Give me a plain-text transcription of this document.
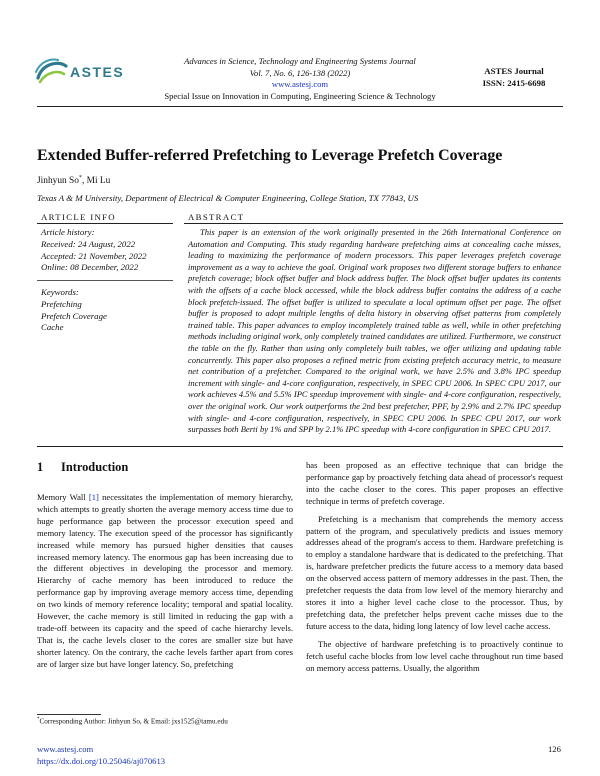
ASTES
Advances in Science, Technology and Engineering Systems Journal
Vol. 7, No. 6, 126-138 (2022)
www.astesj.com
Special Issue on Innovation in Computing, Engineering Science & Technology
ASTES Journal
ISSN: 2415-6698
Extended Buffer-referred Prefetching to Leverage Prefetch Coverage
Jinhyun So*, Mi Lu
Texas A & M University, Department of Electrical & Computer Engineering, College Station, TX 77843, US
ARTICLE INFO	ABSTRACT
Article history:
Received: 24 August, 2022
Accepted: 21 November, 2022
Online: 08 December, 2022
Keywords:
Prefetching
Prefetch Coverage
Cache

This paper is an extension of the work originally presented in the 26th International Conference on Automation and Computing. This study regarding hardware prefetching aims at concealing cache misses, leading to maximizing the performance of modern processors. This paper leverages prefetch coverage improvement as a way to achieve the goal. Original work proposes two different storage buffers to enhance prefetch coverage; block offset buffer and block address buffer. The block offset buffer updates its contents with the offsets of a cache block accessed, while the block address buffer contains the address of a cache block prefetch-issued. The offset buffer is utilized to speculate a local optimum offset per page. The offset buffer is proposed to adopt multiple lengths of delta history in observing offset patterns from completely trained table. This paper advances to employ incompletely trained table as well, while in other prefetching methods including original work, only completely trained candidates are utilized. Furthermore, we construct the table on the fly. Rather than using only completely built tables, we offer utilizing and updating table concurrently. This paper also proposes a refined metric from existing prefetch accuracy metric, to measure net contribution of a prefetcher. Compared to the original work, we have 2.5% and 3.8% IPC speedup increment with single- and 4-core configuration, respectively, in SPEC CPU 2006. In SPEC CPU 2017, our work achieves 4.5% and 5.5% IPC speedup improvement with single- and 4-core configuration, respectively, over the original work. Our work outperforms the 2nd best prefetcher, PPF, by 2.9% and 2.7% IPC speedup with single- and 4-core configuration, respectively, in SPEC CPU 2006. In SPEC CPU 2017, our work surpasses both Berti by 1% and SPP by 2.1% IPC speedup with 4-core configuration in SPEC CPU 2017.

1 Introduction

Memory Wall [1] necessitates the implementation of memory hierarchy, which attempts to greatly shorten the average memory access time due to huge performance gap between the processor execution speed and memory latency. The execution speed of the processor has significantly increased while memory has pursued higher densities that causes increased memory latency. The enormous gap has been increasing due to the different objectives in developing the processor and memory. Hierarchy of cache memory has been introduced to reduce the performance gap by improving average memory access time, depending on two kinds of memory reference locality; temporal and spatial locality. However, the cache memory is still limited in reducing the gap with a trade-off between its capacity and the speed of cache hierarchy levels. That is, the cache levels closer to the cores are smaller size but have shorter latency. On the contrary, the cache levels farther apart from cores are of larger size but have longer latency. So, prefetching

has been proposed as an effective technique that can bridge the performance gap by proactively fetching data ahead of processor's request into the cache closer to the cores. This paper proposes an effective technique in terms of prefetch coverage.

Prefetching is a mechanism that comprehends the memory access pattern of the program, and speculatively predicts and issues memory addresses ahead of the program's access to them. Hardware prefetching is to employ a standalone hardware that is dedicated to the prefetching. That is, hardware prefetcher predicts the future access to a memory data based on the observed access pattern of memory addresses in the past. Then, the prefetcher requests the data from low level of the memory hierarchy and stores it into a higher level cache close to the processor. Thus, by prefetching data, the prefetcher helps prevent cache misses due to the future access to the data, hiding long latency of low level cache access.

The objective of hardware prefetching is to proactively continue to fetch useful cache blocks from low level cache throughout run time based on memory access patterns. Usually, the algorithm

*Corresponding Author: Jinhyun So, & Email: jxs1525@tamu.edu
www.astesj.com
https://dx.doi.org/10.25046/aj070613
126
